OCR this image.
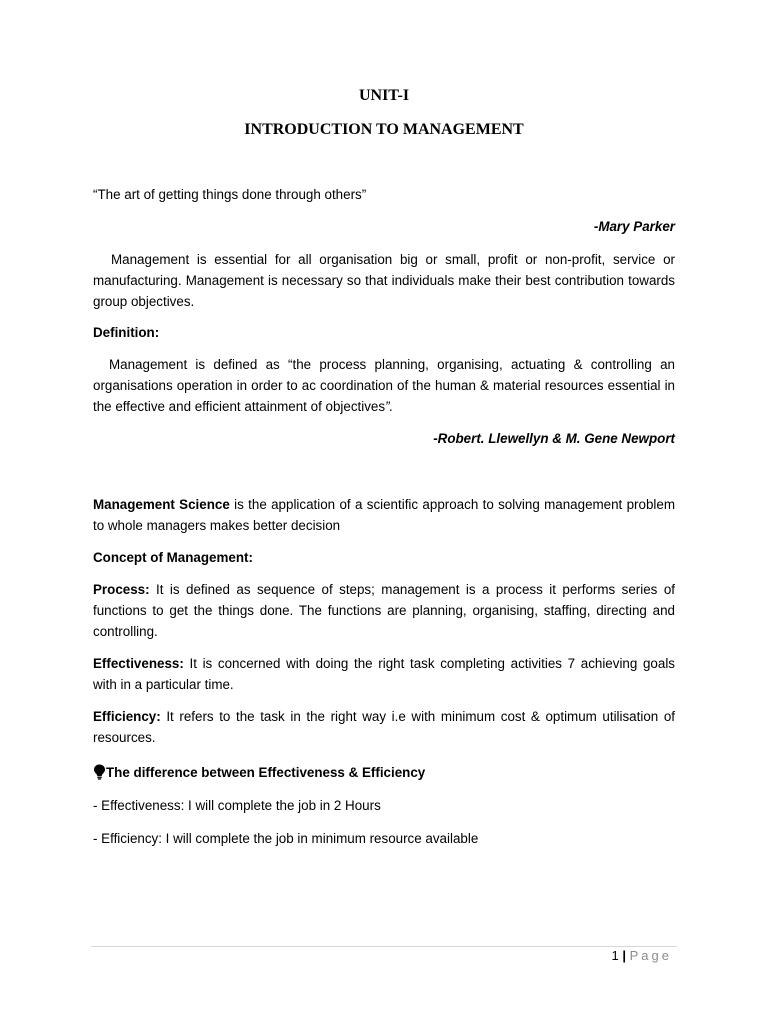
UNIT-I
INTRODUCTION TO MANAGEMENT

“The art of getting things done through others”

-Mary Parker

Management is essential for all organisation big or small, profit or non-profit, service or manufacturing. Management is necessary so that individuals make their best contribution towards group objectives.

Definition:

Management is defined as “the process planning, organising, actuating & controlling an organisations operation in order to ac coordination of the human & material resources essential in the effective and efficient attainment of objectives”.

-Robert. Llewellyn & M. Gene Newport

Management Science is the application of a scientific approach to solving management problem to whole managers makes better decision

Concept of Management:

Process: It is defined as sequence of steps; management is a process it performs series of functions to get the things done. The functions are planning, organising, staffing, directing and controlling.

Effectiveness: It is concerned with doing the right task completing activities 7 achieving goals with in a particular time.

Efficiency: It refers to the task in the right way i.e with minimum cost & optimum utilisation of resources.

The difference between Effectiveness & Efficiency

- Effectiveness: I will complete the job in 2 Hours

- Efficiency: I will complete the job in minimum resource available

1 | Page
